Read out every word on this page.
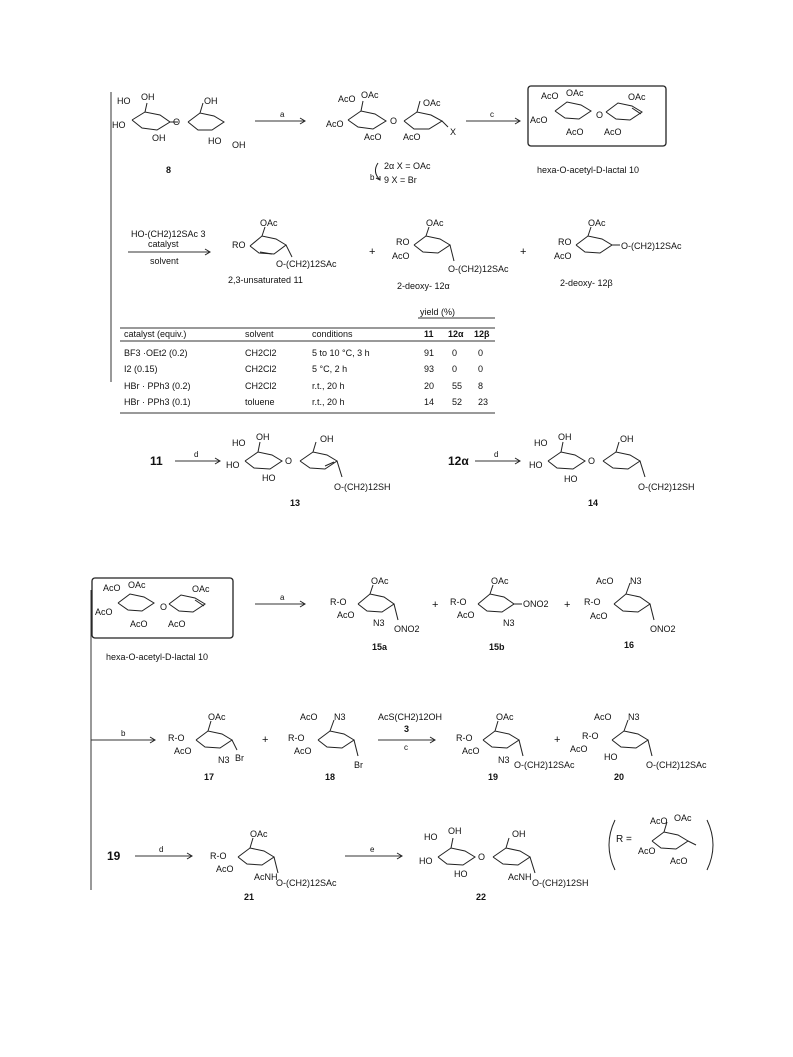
HO OH	OH
HO	O
OH	HO OH
8
a
AcO OAc
OAc
AcO	O
AcO AcO	X
2α X = OAc
b 9 X = Br
c
AcO OAc	OAc
AcO	O
AcO AcO
hexa-O-acetyl-D-lactal 10
HO-(CH2)12SAc 3
catalyst
solvent
OAc
RO
O-(CH2)12SAc
2,3-unsaturated 11
+
OAc
RO
AcO
O-(CH2)12SAc
2-deoxy- 12α
+
OAc
RO
AcO
O-(CH2)12SAc
2-deoxy- 12β
yield (%)
catalyst (equiv.)	solvent	conditions	11 12α 12β
BF3 ·OEt2 (0.2)	CH2Cl2	5 to 10 °C, 3 h	91 0 0
I2 (0.15)	CH2Cl2	5 °C, 2 h	93 0 0
HBr · PPh3 (0.2)	CH2Cl2	r.t., 20 h	20 55 8
HBr · PPh3 (0.1)	toluene	r.t., 20 h	14 52 23
11	d
HO
OH	OH
HO	O
HO
O-(CH2)12SH
13
12α	d
HO
OH	OH
HO	O
HO
O-(CH2)12SH
14
AcO OAc	OAc
AcO	O
AcO AcO
hexa-O-acetyl-D-lactal 10
a
OAc
R-O
AcO
N3
ONO2
15a
+
OAc
R-O
AcO
N3
ONO2
15b
+
AcO N3
R-O
AcO
ONO2
16
b
OAc
R-O
AcO
N3 Br
17
+
AcO N3
R-O
AcO
Br
18
AcS(CH2)12OH
3
c
OAc
R-O
AcO
N3 O-(CH2)12SAc
19
+
AcO N3
R-O
AcO
HO
O-(CH2)12SAc
20
19	d
OAc
R-O
AcO
AcNH
O-(CH2)12SAc
21
e
HO
OH	OH
HO	O
HO	AcNH
O-(CH2)12SH
22
R =
AcO OAc
AcO
AcO
